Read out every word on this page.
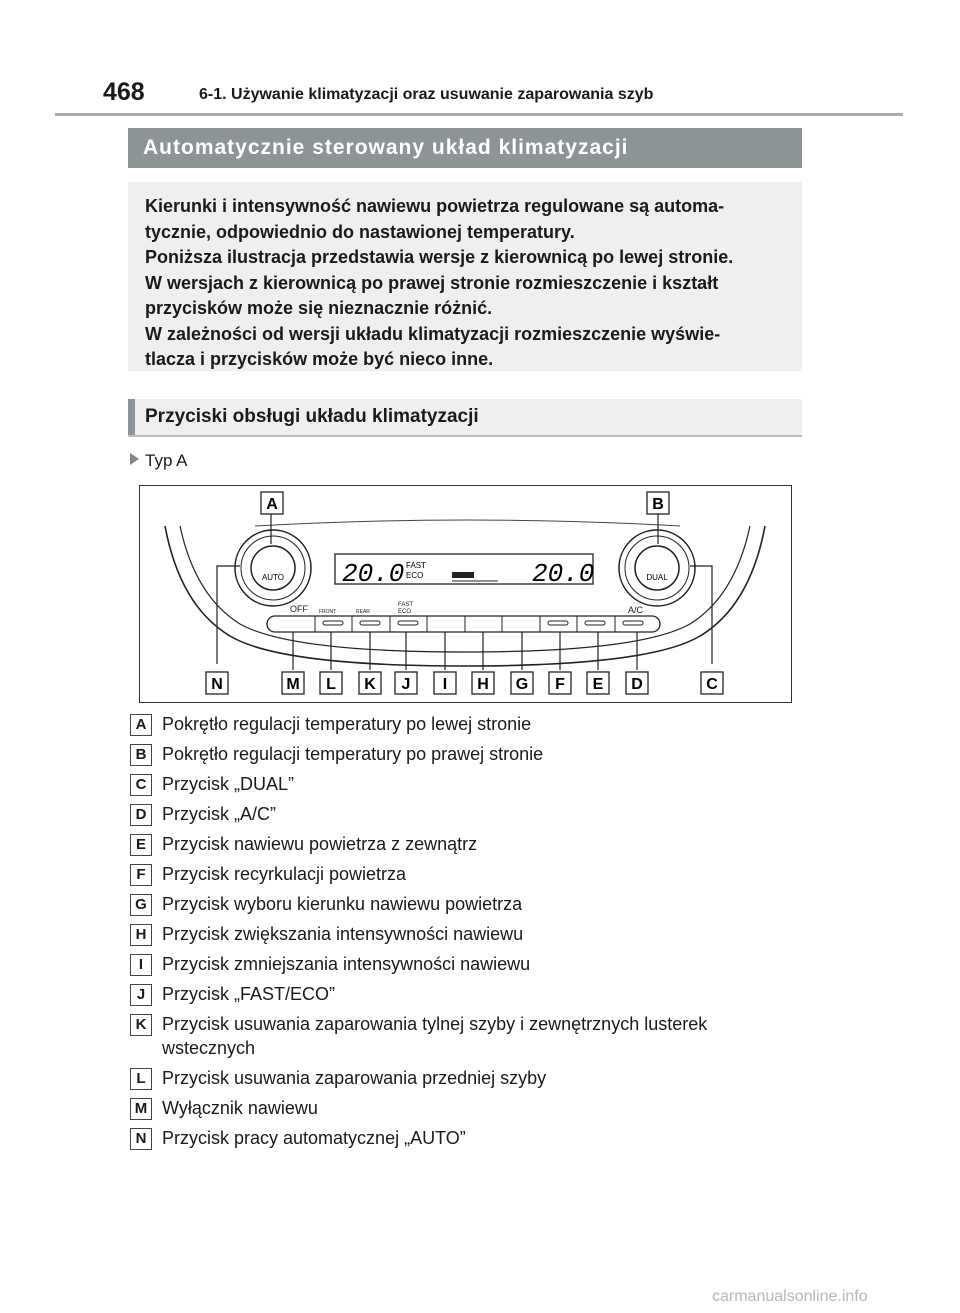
468	6-1. Używanie klimatyzacji oraz usuwanie zaparowania szyb
Automatycznie sterowany układ klimatyzacji

Kierunki i intensywność nawiewu powietrza regulowane są automa-
tycznie, odpowiednio do nastawionej temperatury.
Poniższa ilustracja przedstawia wersje z kierownicą po lewej stronie.
W wersjach z kierownicą po prawej stronie rozmieszczenie i kształt
przycisków może się nieznacznie różnić.
W zależności od wersji układu klimatyzacji rozmieszczenie wyświe-
tlacza i przycisków może być nieco inne.

Przyciski obsługi układu klimatyzacji
Typ A
AUTO	DUAL
20.0	20.0
FAST
ECO
OFF FRONT	REAR
FAST
ECO	A/C
A	B
N	M L K J I H G F E D	C
A Pokrętło regulacji temperatury po lewej stronie
B Pokrętło regulacji temperatury po prawej stronie
C Przycisk „DUAL”
D Przycisk „A/C”
E Przycisk nawiewu powietrza z zewnątrz
F Przycisk recyrkulacji powietrza
G Przycisk wyboru kierunku nawiewu powietrza
H Przycisk zwiększania intensywności nawiewu
I	Przycisk zmniejszania intensywności nawiewu
J Przycisk „FAST/ECO”
K Przycisk usuwania zaparowania tylnej szyby i zewnętrznych lusterek
wstecznych
L Przycisk usuwania zaparowania przedniej szyby
M Wyłącznik nawiewu
N Przycisk pracy automatycznej „AUTO”
carmanualsonline.info
